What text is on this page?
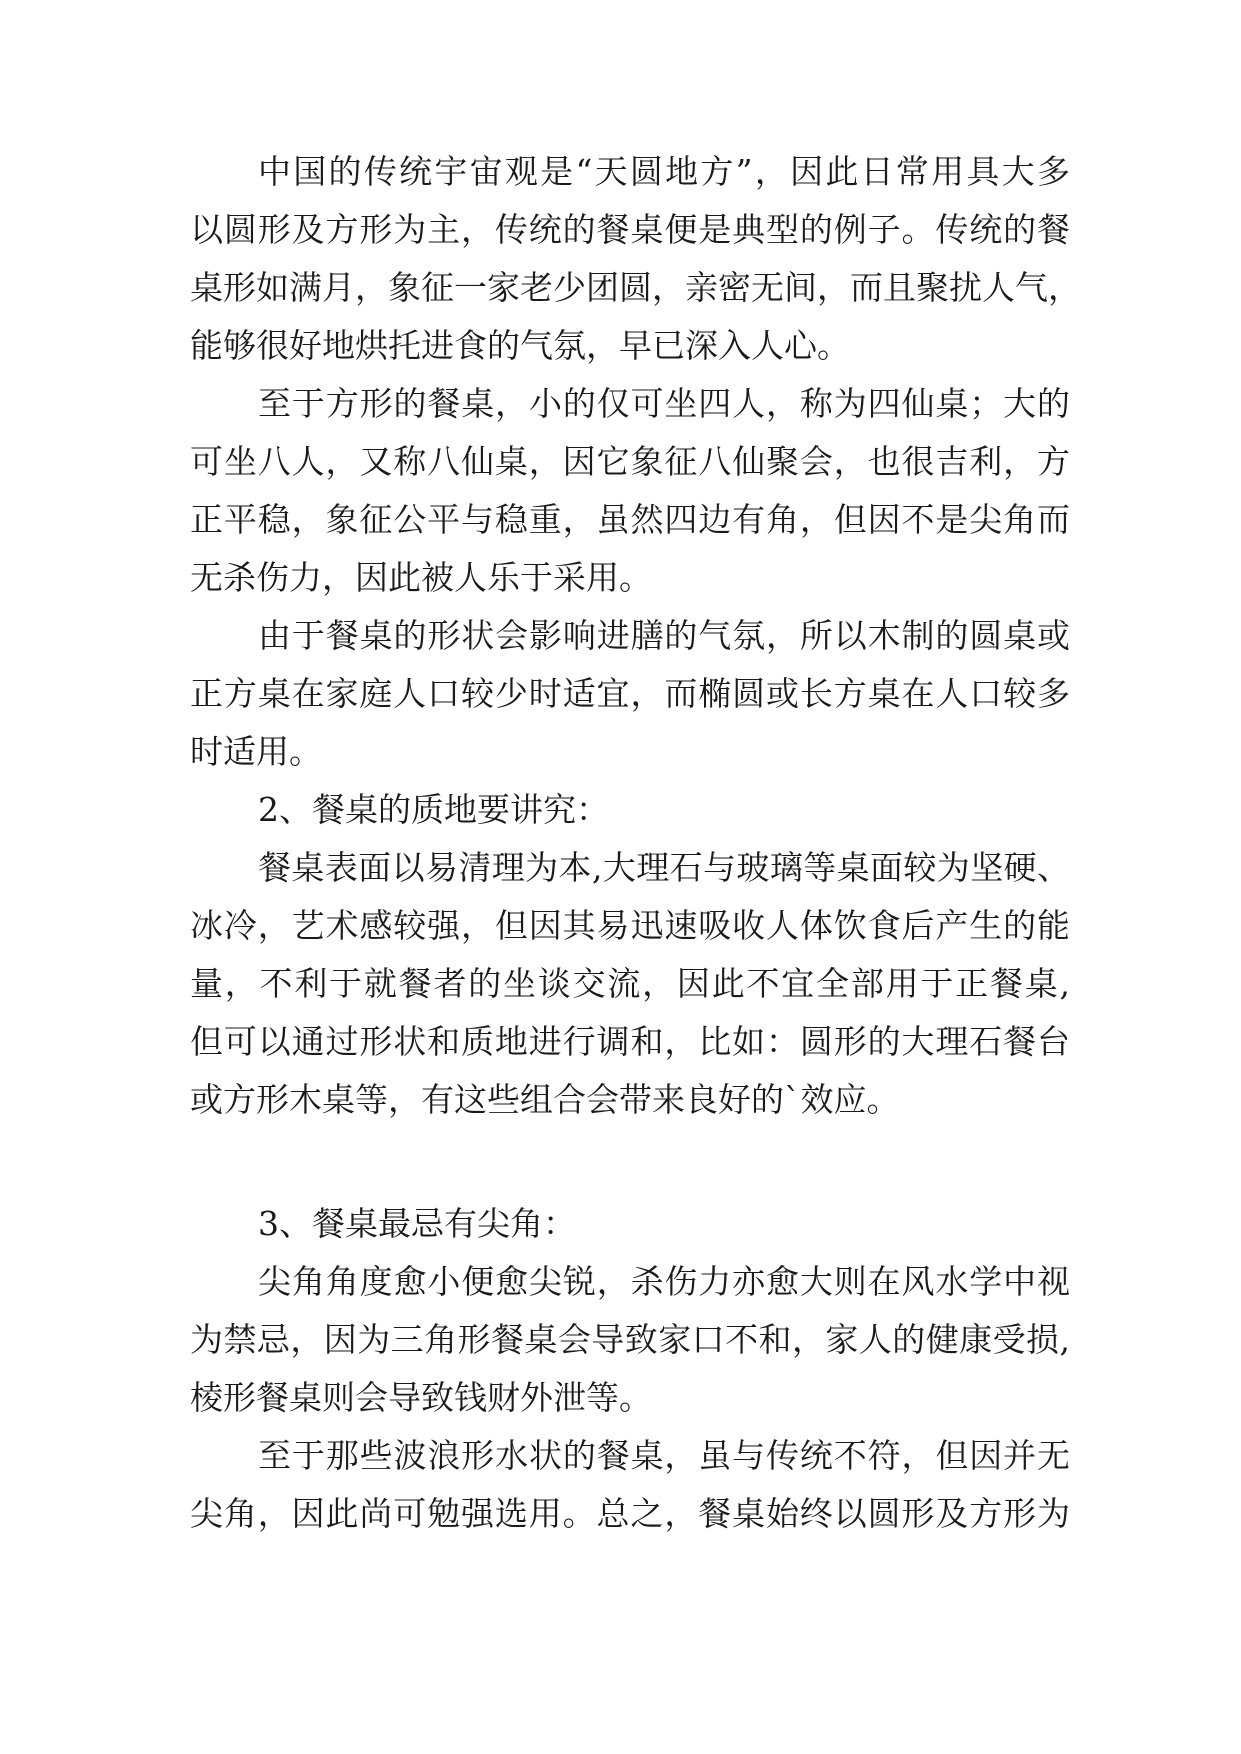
中国的传统宇宙观是“天圆地方”，因此日常用具大多
以圆形及方形为主，传统的餐桌便是典型的例子。传统的餐
桌形如满月，象征一家老少团圆，亲密无间，而且聚扰人气，
能够很好地烘托进食的气氛，早已深入人心。
至于方形的餐桌，小的仅可坐四人，称为四仙桌；大的
可坐八人，又称八仙桌，因它象征八仙聚会，也很吉利，方
正平稳，象征公平与稳重，虽然四边有角，但因不是尖角而
无杀伤力，因此被人乐于采用。
由于餐桌的形状会影响进膳的气氛，所以木制的圆桌或
正方桌在家庭人口较少时适宜，而椭圆或长方桌在人口较多
时适用。
2、餐桌的质地要讲究：
餐桌表面以易清理为本,大理石与玻璃等桌面较为坚硬、
冰冷，艺术感较强，但因其易迅速吸收人体饮食后产生的能
量，不利于就餐者的坐谈交流，因此不宜全部用于正餐桌,
但可以通过形状和质地进行调和，比如：圆形的大理石餐台
或方形木桌等，有这些组合会带来良好的`效应。
3、餐桌最忌有尖角：
尖角角度愈小便愈尖锐，杀伤力亦愈大则在风水学中视
为禁忌，因为三角形餐桌会导致家口不和，家人的健康受损,
棱形餐桌则会导致钱财外泄等。
至于那些波浪形水状的餐桌，虽与传统不符，但因并无
尖角，因此尚可勉强选用。总之，餐桌始终以圆形及方形为
